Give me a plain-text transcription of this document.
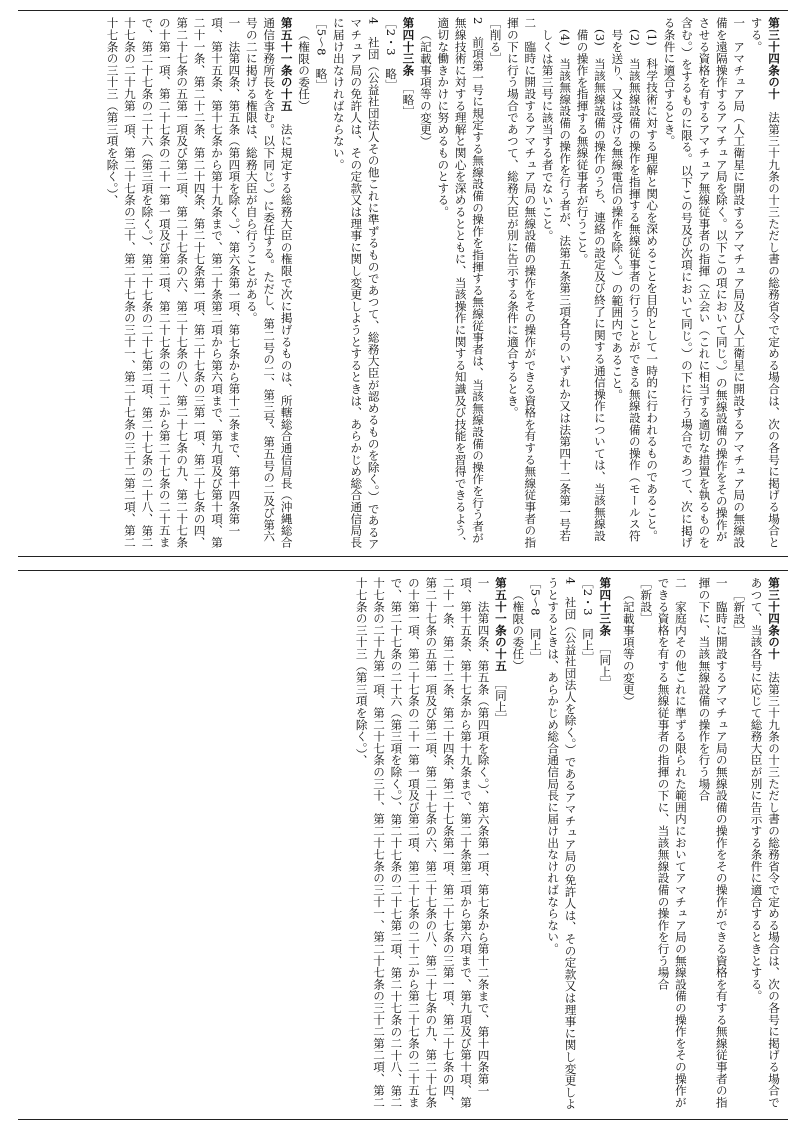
第三十四条の十　法第三十九条の十三ただし書の総務省令で定める場合は、次の各号に掲げる場合とする。

一　アマチュア局（人工衛星に開設するアマチュア局及び人工衛星に開設するアマチュア局の無線設備を遠隔操作するアマチュア局を除く。以下この項において同じ。）の無線設備の操作をその操作がさせる資格を有するアマチュア無線従事者の指揮（立会い（これに相当する適切な措置を執るものを含む。）をするものに限る。以下この号及び次項において同じ。）の下に行う場合であつて、次に掲げる条件に適合するとき。

(1)　科学技術に対する理解と関心を深めることを目的として一時的に行われるものであること。

(2)　当該無線設備の操作を指揮する無線従事者の行うことができる無線設備の操作（モールス符号を送り、又は受ける無線電信の操作を除く。）の範囲内であること。

(3)　当該無線設備の操作のうち、連絡の設定及び終了に関する通信操作については、当該無線設備の操作を指揮する無線従事者が行うこと。

(4)　当該無線設備の操作を行う者が、法第五条第三項各号のいずれか又は法第四十二条第一号若しくは第三号に該当する者でないこと。

二　臨時に開設するアマチュア局の無線設備の操作をその操作ができる資格を有する無線従事者の指揮の下に行う場合であつて、総務大臣が別に告示する条件に適合するとき。

［削る］

2　前項第一号に規定する無線設備の操作を指揮する無線従事者は、当該無線設備の操作を行う者が無線技術に対する理解と関心を深めるとともに、当該操作に関する知識及び技能を習得できるよう、適切な働きかけに努めるものとする。

（記載事項等の変更）

第四十三条　［略］

［2・3　略］

4　社団（公益社団法人その他これに準ずるものであつて、総務大臣が認めるものを除く。）であるアマチュア局の免許人は、その定款又は理事に関し変更しようとするときは、あらかじめ総合通信局長に届け出なければならない。

［5～8　略］

（権限の委任）

第五十一条の十五　法に規定する総務大臣の権限で次に掲げるものは、所轄総合通信局長（沖縄総合通信事務所長を含む。以下同じ。）に委任する。ただし、第二号の二、第三号、第五号の二及び第六号の二に掲げる権限は、総務大臣が自ら行うことがある。

一　法第四条、第五条（第四項を除く。）、第六条第一項、第七条から第十二条まで、第十四条第一項、第十五条、第十七条から第十九条まで、第二十条第二項から第六項まで、第九項及び第十項、第二十一条、第二十二条、第二十四条、第二十七条第一項、第二十七条の三第一項、第二十七条の四、第二十七条の五第一項及び第二項、第二十七条の六、第二十七条の八、第二十七条の九、第二十七条の十第一項、第二十七条の二十一第一項及び第二項、第二十七条の二十二から第二十七条の二十五まで、第二十七条の二十六（第三項を除く。）、第二十七条の二十七第二項、第二十七条の二十八、第二十七条の二十九第一項、第二十七条の三十、第二十七条の三十一、第二十七条の三十二第二項、第二十七条の三十三（第三項を除く。）、

第三十四条の十　法第三十九条の十三ただし書の総務省令で定める場合は、次の各号に掲げる場合であつて、当該各号に応じて総務大臣が別に告示する条件に適合するときとする。

［新設］

一　臨時に開設するアマチュア局の無線設備の操作をその操作ができる資格を有する無線従事者の指揮の下に、当該無線設備の操作を行う場合

二　家庭内その他これに準ずる限られた範囲内においてアマチュア局の無線設備の操作をその操作ができる資格を有する無線従事者の指揮の下に、当該無線設備の操作を行う場合

［新設］

（記載事項等の変更）

第四十三条　［同上］

［2・3　同上］

4　社団（公益社団法人を除く。）であるアマチュア局の免許人は、その定款又は理事に関し変更しようとするときは、あらかじめ総合通信局長に届け出なければならない。

［5～8　同上］

（権限の委任）

第五十一条の十五　［同上］

一　法第四条、第五条（第四項を除く。）、第六条第一項、第七条から第十二条まで、第十四条第一項、第十五条、第十七条から第十九条まで、第二十条第二項から第六項まで、第九項及び第十項、第二十一条、第二十二条、第二十四条、第二十七条第一項、第二十七条の三第一項、第二十七条の四、第二十七条の五第一項及び第二項、第二十七条の六、第二十七条の八、第二十七条の九、第二十七条の十第一項、第二十七条の二十一第一項及び第二項、第二十七条の二十二から第二十七条の二十五まで、第二十七条の二十六（第三項を除く。）、第二十七条の二十七第二項、第二十七条の二十八、第二十七条の二十九第一項、第二十七条の三十、第二十七条の三十一、第二十七条の三十二第二項、第二十七条の三十三（第三項を除く。）、
